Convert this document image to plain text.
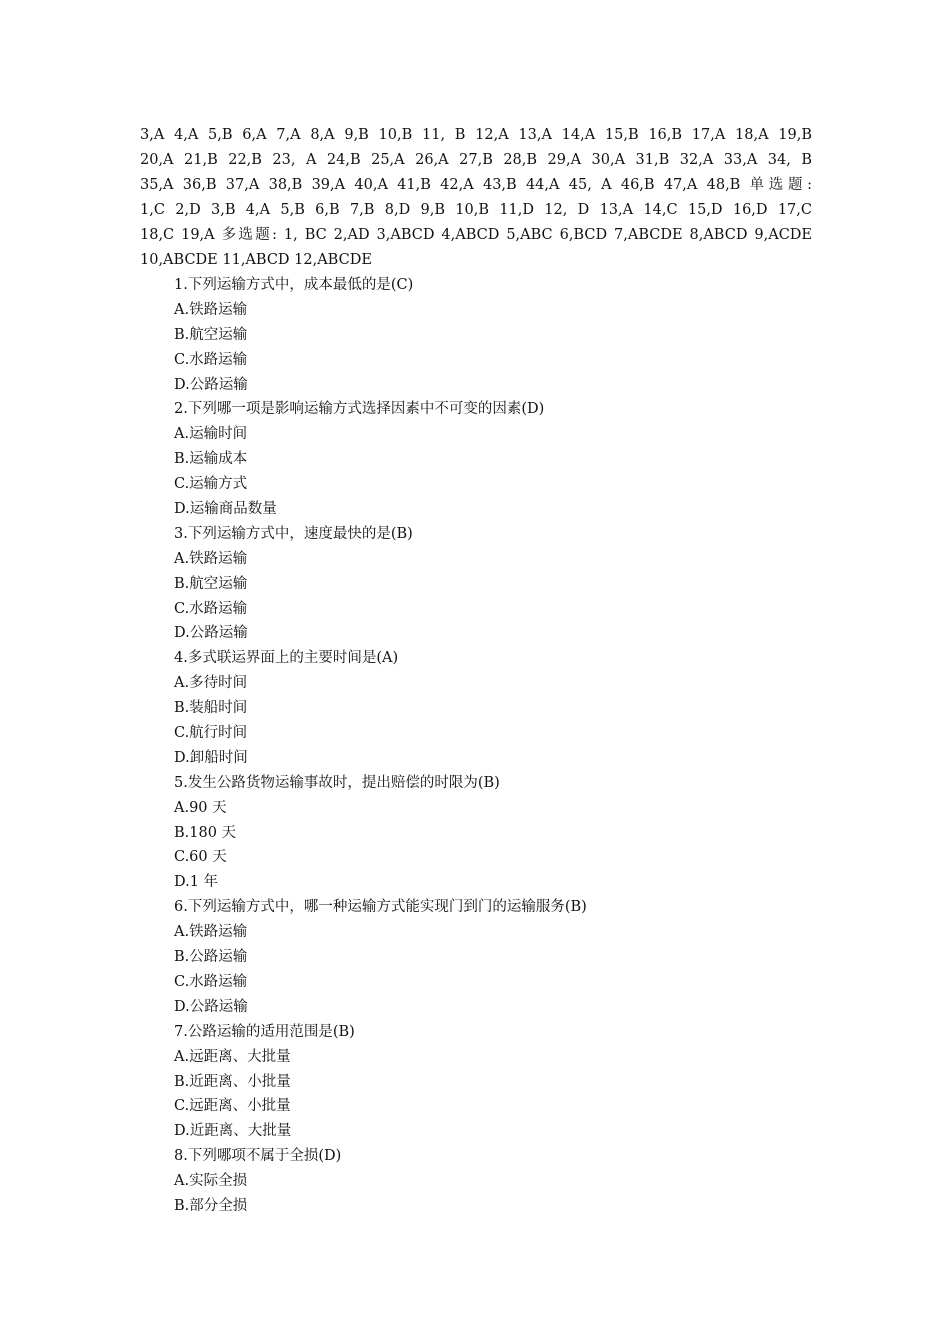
3,A 4,A 5,B 6,A 7,A 8,A 9,B 10,B 11, B 12,A 13,A 14,A 15,B 16,B 17,A 18,A 19,B
20,A 21,B 22,B 23, A 24,B 25,A 26,A 27,B 28,B 29,A 30,A 31,B 32,A 33,A 34, B
35,A 36,B 37,A 38,B 39,A 40,A 41,B 42,A 43,B 44,A 45, A 46,B 47,A 48,B 单选题:
1,C 2,D 3,B 4,A 5,B 6,B 7,B 8,D 9,B 10,B 11,D 12, D 13,A 14,C 15,D 16,D 17,C
18,C 19,A 多选题: 1, BC 2,AD 3,ABCD 4,ABCD 5,ABC 6,BCD 7,ABCDE 8,ABCD 9,ACDE
10,ABCDE 11,ABCD 12,ABCDE
1.下列运输方式中，成本最低的是(C)
A.铁路运输
B.航空运输
C.水路运输
D.公路运输
2.下列哪一项是影响运输方式选择因素中不可变的因素(D)
A.运输时间
B.运输成本
C.运输方式
D.运输商品数量
3.下列运输方式中，速度最快的是(B)
A.铁路运输
B.航空运输
C.水路运输
D.公路运输
4.多式联运界面上的主要时间是(A)
A.多待时间
B.装船时间
C.航行时间
D.卸船时间
5.发生公路货物运输事故时，提出赔偿的时限为(B)
A.90 天
B.180 天
C.60 天
D.1 年
6.下列运输方式中，哪一种运输方式能实现门到门的运输服务(B)
A.铁路运输
B.公路运输
C.水路运输
D.公路运输
7.公路运输的适用范围是(B)
A.远距离、大批量
B.近距离、小批量
C.远距离、小批量
D.近距离、大批量
8.下列哪项不属于全损(D)
A.实际全损
B.部分全损
